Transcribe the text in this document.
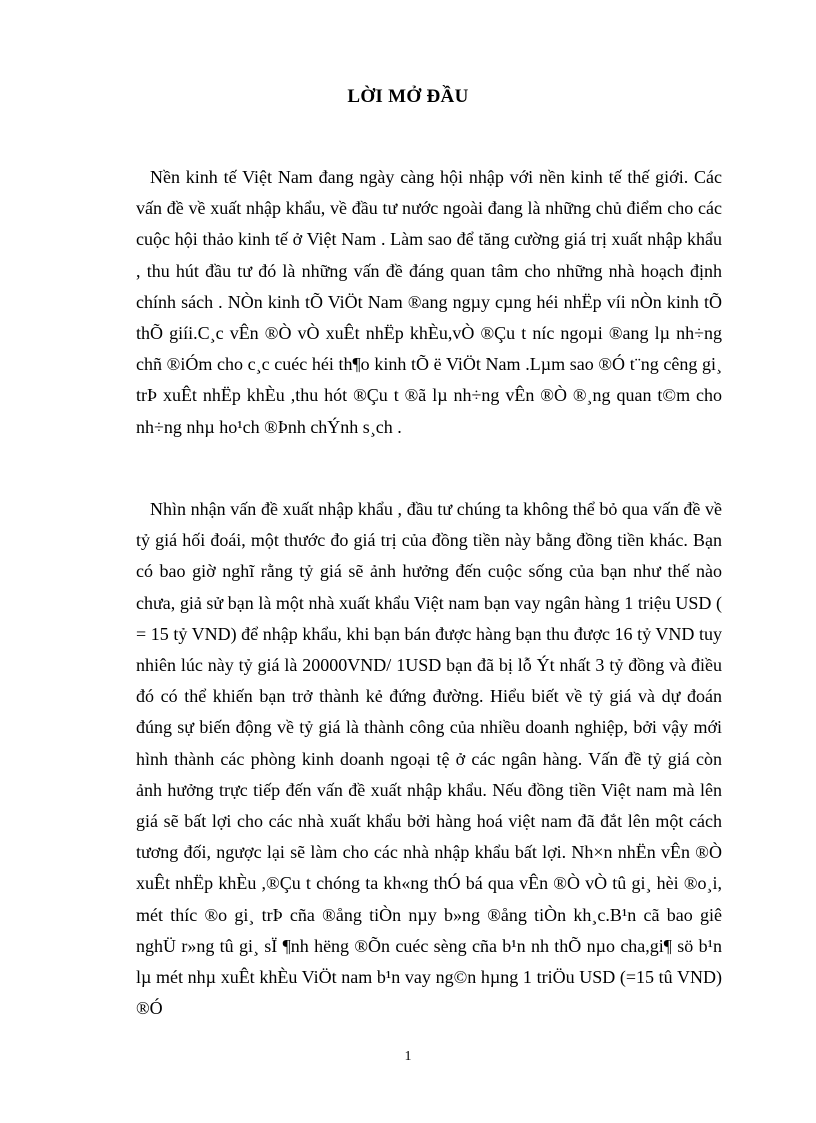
LỜI MỞ ĐẦU

Nền kinh tế Việt Nam đang ngày càng hội nhập với nền kinh tế thế giới. Các vấn đề về xuất nhập khẩu, về đầu tư nước ngoài đang là những chủ điểm cho các cuộc hội thảo kinh tế ở Việt Nam . Làm sao để tăng cường giá trị xuất nhập khẩu , thu hút đầu tư đó là những vấn đề đáng quan tâm cho những nhà hoạch định chính sách . NÒn kinh tÕ ViÖt Nam ®ang ngµy cµng héi nhËp víi nÒn kinh tÕ thÕ giíi.C¸c vÊn ®Ò vÒ xuÊt nhËp khÈu,vÒ ®Çu t níc ngoµi ®ang lµ nh÷ng chñ ®iÓm cho c¸c cuéc héi th¶o kinh tÕ ë ViÖt Nam .Lµm sao ®Ó t¨ng cêng gi¸ trÞ xuÊt nhËp khÈu ,thu hót ®Çu t ®ã lµ nh÷ng vÊn ®Ò ®¸ng quan t©m cho nh÷ng nhµ ho¹ch ®Þnh chÝnh s¸ch .

Nhìn nhận vấn đề xuất nhập khẩu , đầu tư chúng ta không thể bỏ qua vấn đề về tỷ giá hối đoái, một thước đo giá trị của đồng tiền này bằng đồng tiền khác. Bạn có bao giờ nghĩ rằng tỷ giá sẽ ảnh hưởng đến cuộc sống của bạn như thế nào chưa, giả sử bạn là một nhà xuất khẩu Việt nam bạn vay ngân hàng 1 triệu USD ( = 15 tỷ VND) để nhập khẩu, khi bạn bán được hàng bạn thu được 16 tỷ VND tuy nhiên lúc này tỷ giá là 20000VND/ 1USD bạn đã bị lỗ Ýt nhất 3 tỷ đồng và điều đó có thể khiến bạn trở thành kẻ đứng đường. Hiểu biết về tỷ giá và dự đoán đúng sự biến động về tỷ giá là thành công của nhiều doanh nghiệp, bởi vậy mới hình thành các phòng kinh doanh ngoại tệ ở các ngân hàng. Vấn đề tỷ giá còn ảnh hưởng trực tiếp đến vấn đề xuất nhập khẩu. Nếu đồng tiền Việt nam mà lên giá sẽ bất lợi cho các nhà xuất khẩu bởi hàng hoá việt nam đã đắt lên một cách tương đối, ngược lại sẽ làm cho các nhà nhập khẩu bất lợi. Nh×n nhËn vÊn ®Ò xuÊt nhËp khÈu ,®Çu t chóng ta kh«ng thÓ bá qua vÊn ®Ò vÒ tû gi¸ hèi ®o¸i, mét thíc ®o gi¸ trÞ cña ®ång tiÒn nµy b»ng ®ång tiÒn kh¸c.B¹n cã bao giê nghÜ r»ng tû gi¸ sÏ ¶nh hëng ®Õn cuéc sèng cña b¹n nh thÕ nµo cha,gi¶ sö b¹n lµ mét nhµ xuÊt khÈu ViÖt nam b¹n vay ng©n hµng 1 triÖu USD (=15 tû VND) ®Ó

1
